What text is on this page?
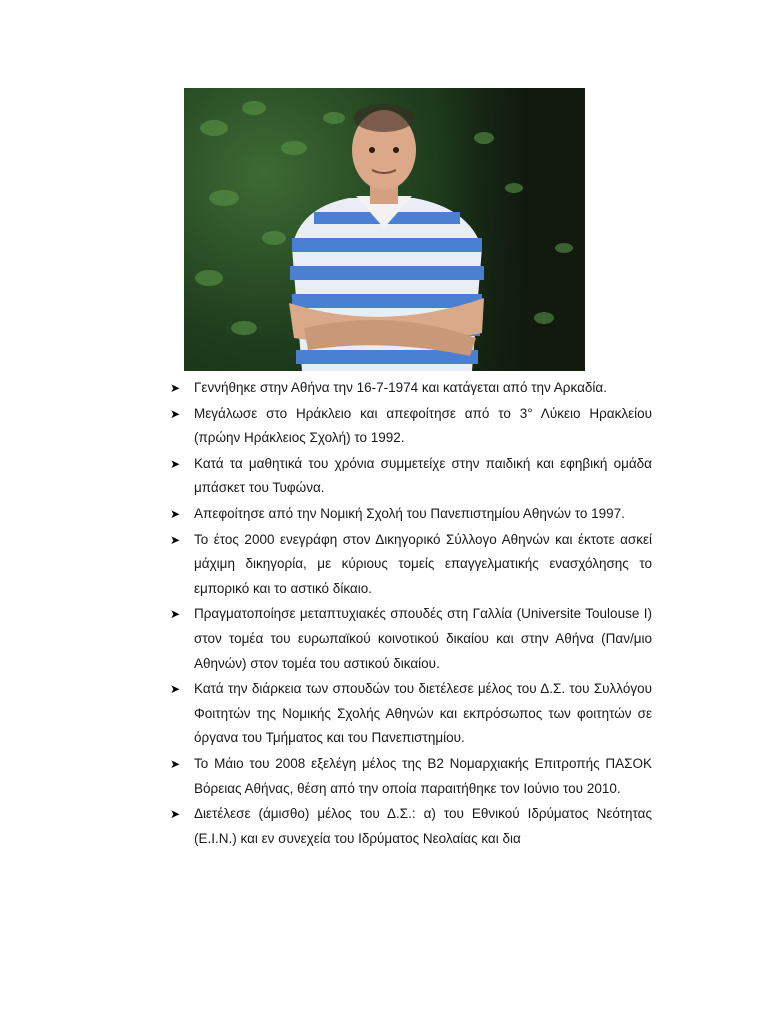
➤ Γεννήθηκε στην Αθήνα την 16-7-1974 και κατάγεται από την Αρκαδία.
➤ Μεγάλωσε στο Ηράκλειο και απεφοίτησε από το 3° Λύκειο Ηρακλείου (πρώην Ηράκλειος Σχολή) το 1992.
➤ Κατά τα μαθητικά του χρόνια συμμετείχε στην παιδική και εφηβική ομάδα μπάσκετ του Τυφώνα.
➤ Απεφοίτησε από την Νομική Σχολή του Πανεπιστημίου Αθηνών το 1997.
➤ Το έτος 2000 ενεγράφη στον Δικηγορικό Σύλλογο Αθηνών και έκτοτε ασκεί μάχιμη δικηγορία, με κύριους τομείς επαγγελματικής ενασχόλησης το εμπορικό και το αστικό δίκαιο.
➤ Πραγματοποίησε μεταπτυχιακές σπουδές στη Γαλλία (Universite Toulouse I) στον τομέα του ευρωπαϊκού κοινοτικού δικαίου και στην Αθήνα (Παν/μιο Αθηνών) στον τομέα του αστικού δικαίου.
➤ Κατά την διάρκεια των σπουδών του διετέλεσε μέλος του Δ.Σ. του Συλλόγου Φοιτητών της Νομικής Σχολής Αθηνών και εκπρόσωπος των φοιτητών σε όργανα του Τμήματος και του Πανεπιστημίου.
➤ Το Μάιο του 2008 εξελέγη μέλος της Β2 Νομαρχιακής Επιτροπής ΠΑΣΟΚ Βόρειας Αθήνας, θέση από την οποία παραιτήθηκε τον Ιούνιο του 2010.
➤ Διετέλεσε (άμισθο) μέλος του Δ.Σ.: α) του Εθνικού Ιδρύματος Νεότητας (Ε.Ι.Ν.) και εν συνεχεία του Ιδρύματος Νεολαίας και δια
